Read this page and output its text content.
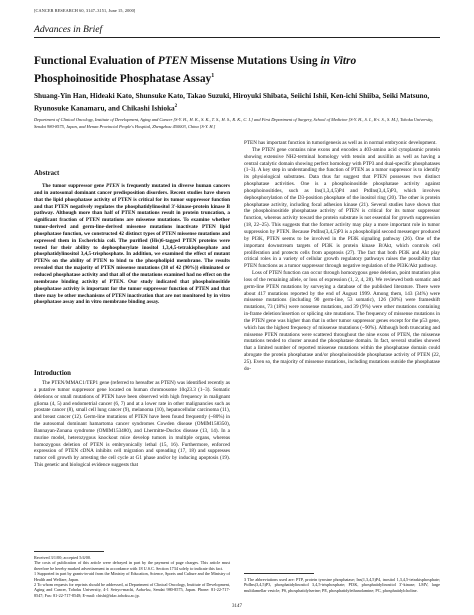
[CANCER RESEARCH 60, 3147–3151, June 15, 2000]
Advances in Brief
Functional Evaluation of PTEN Missense Mutations Using in Vitro Phosphoinositide Phosphatase Assay$^1$
Shuang-Yin Han, Hideaki Kato, Shunsuke Kato, Takao Suzuki, Hiroyuki Shibata, Seiichi Ishii, Ken-ichi Shiiba, Seiki Matsuno, Ryunosuke Kanamaru, and Chikashi Ishioka$^2$
Department of Clinical Oncology, Institute of Development, Aging and Cancer [S-Y. H., H. K., S. K., T. S., H. S., R. K., C. I.] and First Department of Surgery, School of Medicine [S-Y. H., S. I., K-i. S., S. M.], Tohoku University, Sendai 980-8575, Japan, and Henan Provincial People's Hospital, Zhengzhou 450003, China [S-Y. H.]
Abstract

The tumor suppressor gene PTEN is frequently mutated in diverse human cancers and in autosomal dominant cancer predisposition disorders. Recent studies have shown that the lipid phosphatase activity of PTEN is critical for its tumor suppressor function and that PTEN negatively regulates the phosphatidylinositol 3′-kinase-protein kinase B pathway. Although more than half of PTEN mutations result in protein truncation, a significant fraction of PTEN mutations are missense mutations. To examine whether tumor-derived and germ-line-derived missense mutations inactivate PTEN lipid phosphatase function, we constructed 42 distinct types of PTEN missense mutations and expressed them in Escherichia coli. The purified (His)6-tagged PTEN proteins were tested for their ability to dephosphorylate inositol 1,3,4,5-tetrakisphosphate and phosphatidylinositol 3,4,5-trisphosphate. In addition, we examined the effect of mutant PTENs on the ability of PTEN to bind to the phospholipid membrane. The results revealed that the majority of PTEN missense mutations (38 of 42 (90%)) eliminated or reduced phosphatase activity and that all of the mutations examined had no effect on the membrane binding activity of PTEN. Our study indicated that phosphoinositide phosphatase activity is important for the tumor suppressor function of PTEN and that there may be other mechanisms of PTEN inactivation that are not monitored by in vitro phosphatase assay and in vitro membrane binding assay.

Introduction

The PTEN/MMAC1/TEP1 gene (referred to hereafter as PTEN) was identified recently as a putative tumor suppressor gene located on human chromosome 10q23.3 (1–3). Somatic deletions or small mutations of PTEN have been observed with high frequency in malignant glioma (4, 5) and endometrial cancer (6, 7) and at a lower rate in other malignancies such as prostate cancer (8), small cell lung cancer (9), melanoma (10), hepatocellular carcinoma (11), and breast cancer (12). Germ-line mutations of PTEN have been found frequently (~80%) in the autosomal dominant hamartoma cancer syndromes Cowden disease (OMIM158350), Bannayan-Zonana syndrome (OMIM153480), and Lhermitte-Duclos disease (13, 14). In a murine model, heterozygous knockout mice develop tumors in multiple organs, whereas homozygous deletion of PTEN is embryonically lethal (15, 16). Furthermore, enforced expression of PTEN cDNA inhibits cell migration and spreading (17, 18) and suppresses tumor cell growth by arresting the cell cycle at G1 phase and/or by inducing apoptosis (19). This genetic and biological evidence suggests that

PTEN has important function in tumorigenesis as well as in normal embryonic development.

The PTEN gene contains nine exons and encodes a 403-amino acid cytoplasmic protein showing extensive NH2-terminal homology with tensin and auxillin as well as having a central catalytic domain showing perfect homology with PTP3 and dual-specific phosphatases (1–3). A key step in understanding the function of PTEN as a tumor suppressor is to identify its physiological substrates. Data thus far suggest that PTEN possesses two distinct phosphatase activities. One is a phosphoinositide phosphatase activity against phosphoinositides, such as Ins(1,3,4,5)P4 and PtdIns(3,4,5)P3, which involves dephosphorylation of the D3-position phosphate of the inositol ring (20). The other is protein phosphatase activity, including focal adhesion kinase (21). Several studies have shown that the phosphoinositide phosphatase activity of PTEN is critical for its tumor suppressor function, whereas activity toward the protein substrate is not essential for growth suppression (18, 22–25). This suggests that the former activity may play a more important role in tumor suppression by PTEN. Because PtdIns(3,4,5)P3 is a phospholipid second messenger produced by PI3K, PTEN seems to be involved in the PI3K signaling pathway (26). One of the important downstream targets of PI3K is protein kinase B/Akt, which controls cell proliferation and protects cells from apoptosis (27). The fact that both PI3K and Akt play critical roles in a variety of cellular growth regulatory pathways raises the possibility that PTEN functions as a tumor suppressor through negative regulation of the PI3K/Akt pathway.

Loss of PTEN function can occur through homozygous gene deletion, point mutation plus loss of the remaining allele, or loss of expression (1, 2, 4, 28). We reviewed both somatic and germ-line PTEN mutations by surveying a database of the published literature. There were about 417 mutations reported by the end of August 1999. Among them, 143 (34%) were missense mutations (including 90 germ-line, 53 somatic), 126 (30%) were frameshift mutations, 73 (18%) were nonsense mutations, and 39 (9%) were other mutations containing in-frame deletion/insertion or splicing site mutations. The frequency of missense mutations in the PTEN gene was higher than that in other tumor suppressor genes except for the p53 gene, which has the highest frequency of missense mutations (~90%). Although both truncating and missense PTEN mutations were scattered throughout the nine exons of PTEN, the missense mutations tended to cluster around the phosphatase domain. In fact, several studies showed that a limited number of reported missense mutations within the phosphatase domain could abrogate the protein phosphatase and/or phosphoinositide phosphatase activity of PTEN (22, 25). Even so, the majority of missense mutations, including mutations outside the phosphatase do-

Received 3/1/00; accepted 5/4/00.

The costs of publication of this article were defrayed in part by the payment of page charges. This article must therefore be hereby marked advertisement in accordance with 18 U.S.C. Section 1734 solely to indicate this fact.

1 Supported in part by grants-in-aid from the Ministry of Education, Science, Sports and Culture and the Ministry of Health and Welfare, Japan.

2 To whom requests for reprints should be addressed, at Department of Clinical Oncology, Institute of Development, Aging and Cancer, Tohoku University, 4-1 Seiryo-machi, Aoba-ku, Sendai 980-8575, Japan. Phone: 81-22-717-8547; Fax: 81-22-717-8548; E-mail: chishi@idac.tohoku.ac.jp.

3 The abbreviations used are: PTP, protein tyrosine phosphatase; Ins(1,3,4,5)P4, inositol 1,3,4,5-tetrakisphosphate; PtdIns(3,4,5)P3, phosphatidylinositol 3,4,5-trisphosphate; PI3K, phosphatidylinositol 3′-kinase; LMV, large multilamellar vesicle; PS, phosphatidylserine; PE, phosphatidylethanolamine; PC, phosphatidylcholine.
3147
